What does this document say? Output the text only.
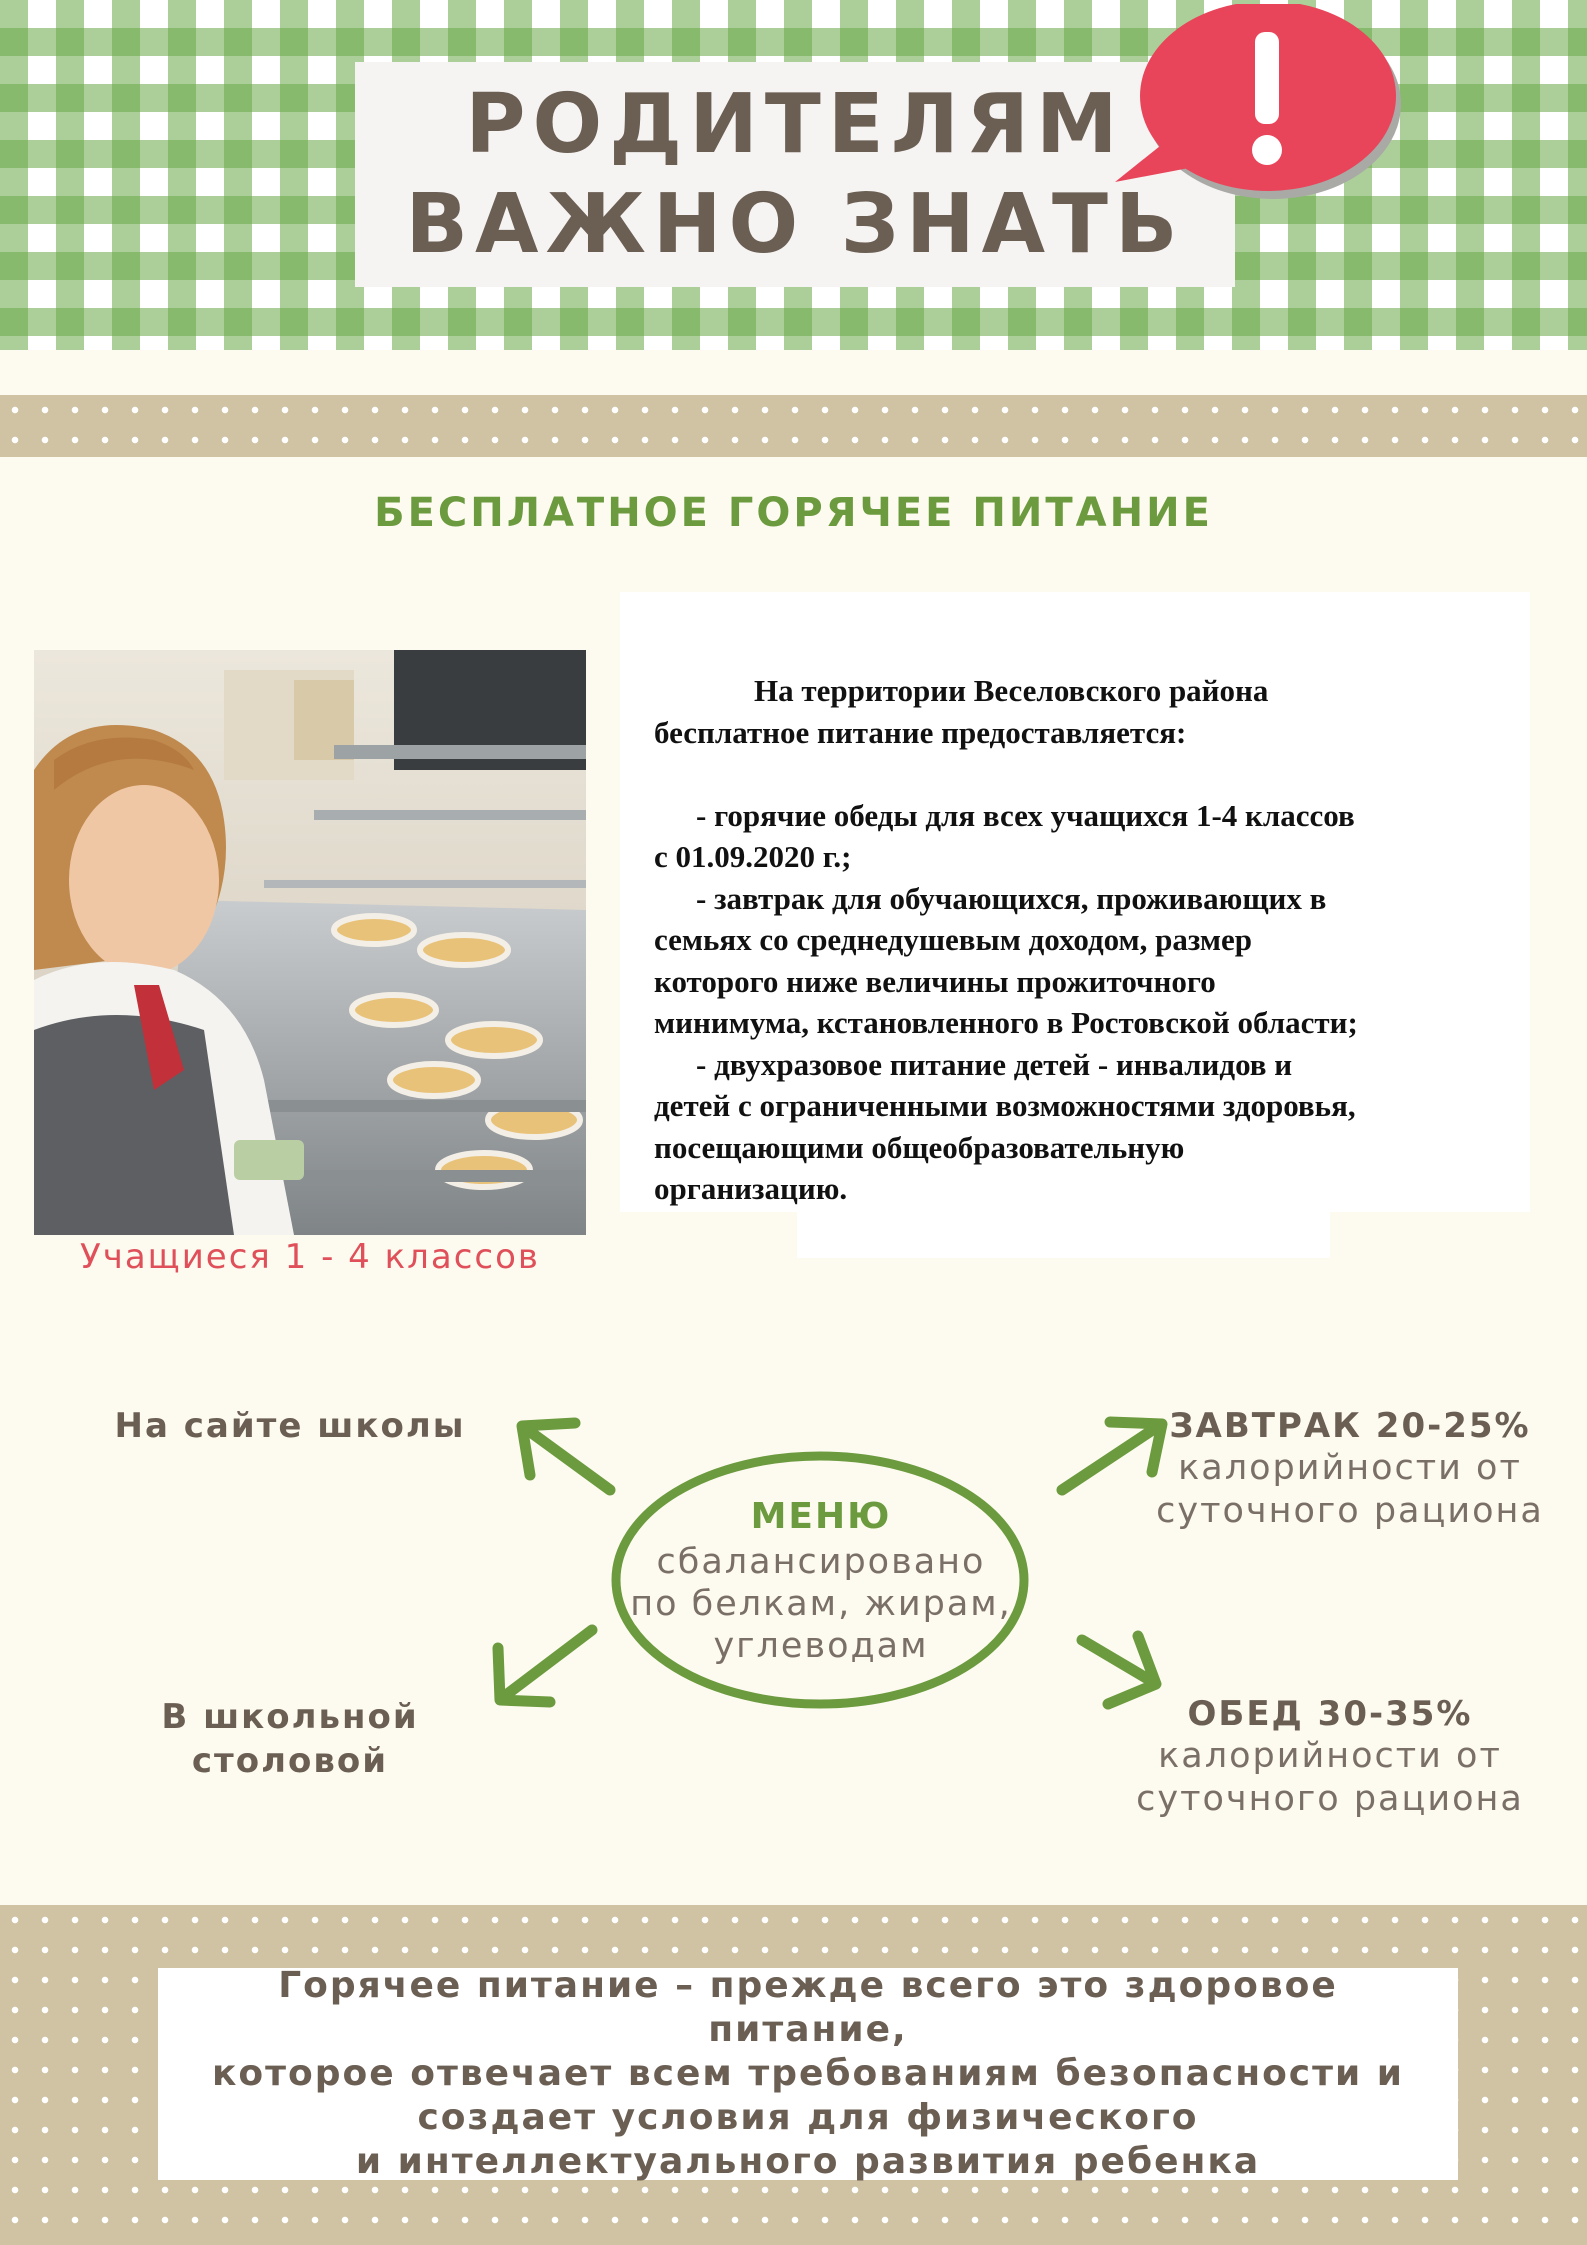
РОДИТЕЛЯМ
ВАЖНО ЗНАТЬ
БЕСПЛАТНОЕ ГОРЯЧЕЕ ПИТАНИЕ
Учащиеся 1 - 4 классов

На территории Веселовского района

бесплатное питание предоставляется:

- горячие обеды для всех учащихся 1-4 классов

с 01.09.2020 г.;

- завтрак для обучающихся, проживающих в

семьях со среднедушевым доходом, размер

которого ниже величины прожиточного

минимума, кстановленного в Ростовской области;

- двухразовое питание детей - инвалидов и

детей с ограниченными возможностями здоровья,

посещающими общеобразовательную

организацию.

МЕНЮ
сбалансировано
по белкам, жирам,
углеводам
На сайте школы
В школьной
столовой
ЗАВТРАК 20-25%
калорийности от
суточного рациона
ОБЕД 30-35%
калорийности от
суточного рациона
Горячее питание – прежде всего это здоровое питание,
которое отвечает всем требованиям безопасности и
создает условия для физического
и интеллектуального развития ребенка
